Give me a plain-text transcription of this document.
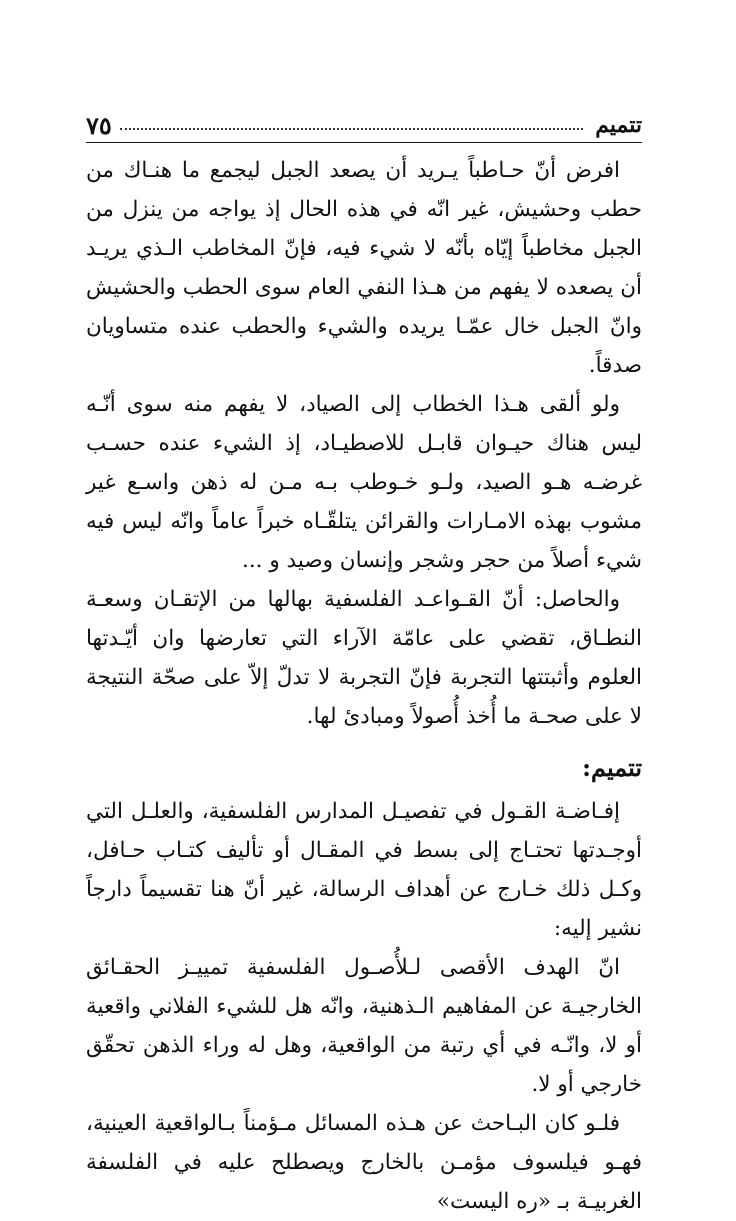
تتميم
٧٥

افرض أنّ حـاطباً يـريد أن يصعد الجبل ليجمع ما هنـاك من حطب وحشيش، غير انّه في هذه الحال إذ يواجه من ينزل من الجبل مخاطباً إيّاه بأنّه لا شيء فيه، فإنّ المخاطب الـذي يريـد أن يصعده لا يفهم من هـذا النفي العام سوى الحطب والحشيش وانّ الجبل خال عمّـا يريده والشيء والحطب عنده متساويان صدقاً.

ولو ألقى هـذا الخطاب إلى الصياد، لا يفهم منه سوى أنّـه ليس هناك حيـوان قابـل للاصطيـاد، إذ الشيء عنده حسـب غرضـه هـو الصيد، ولـو خـوطب بـه مـن له ذهن واسـع غير مشوب بهذه الامـارات والقرائن يتلقّـاه خبراً عاماً وانّه ليس فيه شيء أصلاً من حجر وشجر وإنسان وصيد و ...

والحاصل: أنّ القـواعـد الفلسفية بهالها من الإتقـان وسعـة النطـاق، تقضي على عامّة الآراء التي تعارضها وان أيّـدتها العلوم وأثبتتها التجربة فإنّ التجربة لا تدلّ إلاّ على صحّة النتيجة لا على صحـة ما أُخذ أُصولاً ومبادئ لها.

تتميم:

إفـاضـة القـول في تفصيـل المدارس الفلسفية، والعلـل التي أوجـدتها تحتـاج إلى بسط في المقـال أو تأليف كتـاب حـافل، وكـل ذلك خـارج عن أهداف الرسالة، غير أنّ هنا تقسيماً دارجاً نشير إليه:

انّ الهدف الأقصى لـلأُصـول الفلسفية تمييـز الحقـائق الخارجيـة عن المفاهيم الـذهنية، وانّه هل للشيء الفلاني واقعية أو لا، وانّـه في أي رتبة من الواقعية، وهل له وراء الذهن تحقّق خارجي أو لا.

فلـو كان البـاحث عن هـذه المسائل مـؤمناً بـالواقعية العينية، فهـو فيلسوف مؤمـن بالخارج ويصطلح عليه في الفلسفة الغربيـة بـ «ره اليست»
